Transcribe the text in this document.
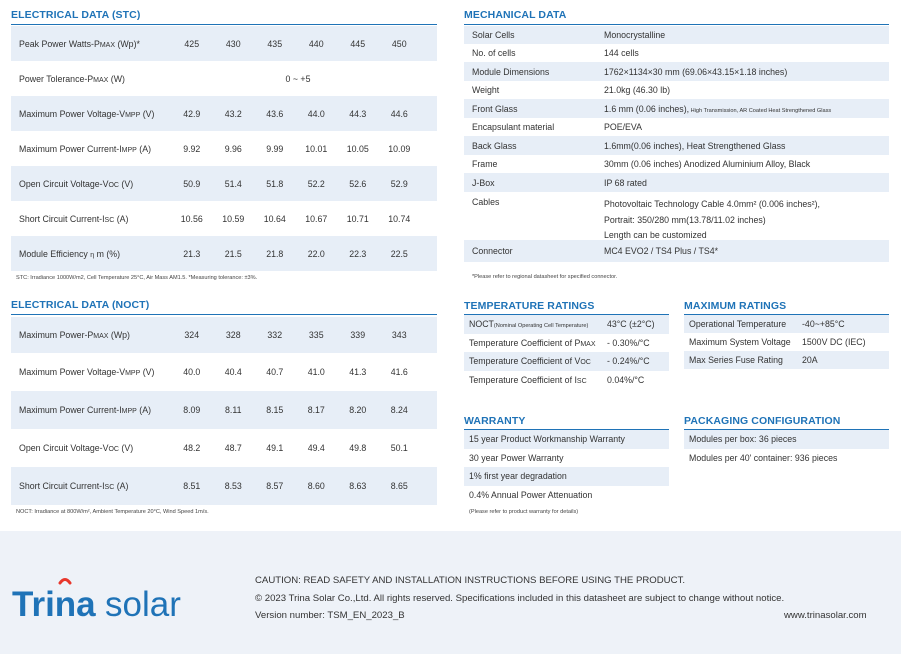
ELECTRICAL DATA (STC)
Peak Power Watts-PMAX (Wp)*	425	430	435	440	445	450
Power Tolerance-PMAX (W)	0 ~ +5
Maximum Power Voltage-VMPP (V)	42.9	43.2	43.6	44.0	44.3	44.6
Maximum Power Current-IMPP (A)	9.92	9.96	9.99	10.01	10.05	10.09
Open Circuit Voltage-VOC (V)	50.9	51.4	51.8	52.2	52.6	52.9
Short Circuit Current-ISC (A)	10.56	10.59	10.64	10.67	10.71	10.74
Module Efficiency η m (%)	21.3	21.5	21.8	22.0	22.3	22.5
STC: Irradiance 1000W/m2, Cell Temperature 25°C, Air Mass AM1.5. *Measuring tolerance: ±3%.
ELECTRICAL DATA (NOCT)
Maximum Power-PMAX (Wp)	324	328	332	335	339	343
Maximum Power Voltage-VMPP (V)	40.0	40.4	40.7	41.0	41.3	41.6
Maximum Power Current-IMPP (A)	8.09	8.11	8.15	8.17	8.20	8.24
Open Circuit Voltage-VOC (V)	48.2	48.7	49.1	49.4	49.8	50.1
Short Circuit Current-ISC (A)	8.51	8.53	8.57	8.60	8.63	8.65
NOCT: Irradiance at 800W/m², Ambient Temperature 20°C, Wind Speed 1m/s.
MECHANICAL DATA
Solar Cells	Monocrystalline
No. of cells	144 cells
Module Dimensions	1762×1134×30 mm (69.06×43.15×1.18 inches)
Weight	21.0kg (46.30 lb)
Front Glass	1.6 mm (0.06 inches), High Transmission, AR Coated Heat Strengthened Glass
Encapsulant material	POE/EVA
Back Glass	1.6mm(0.06 inches), Heat Strengthened Glass
Frame	30mm (0.06 inches) Anodized Aluminium Alloy, Black
J-Box	IP 68 rated
Cables	Photovoltaic Technology Cable 4.0mm² (0.006 inches²),
Portrait: 350/280 mm(13.78/11.02 inches)
Length can be customized
Connector	MC4 EVO2 / TS4 Plus / TS4*
*Please refer to regional datasheet for specified connector.
TEMPERATURE RATINGS
NOCT(Nominal Operating Cell Temperature)	43°C (±2°C)
Temperature Coefficient of PMAX	- 0.30%/°C
Temperature Coefficient of VOC	- 0.24%/°C
Temperature Coefficient of ISC	0.04%/°C
MAXIMUM RATINGS
Operational Temperature	-40~+85°C
Maximum System Voltage	1500V DC (IEC)
Max Series Fuse Rating	20A
WARRANTY
15 year Product Workmanship Warranty
30 year Power Warranty
1% first year degradation
0.4% Annual Power Attenuation
(Please refer to product warranty for details)
PACKAGING CONFIGURATION
Modules per box: 36 pieces
Modules per 40' container: 936 pieces
Trina solar
CAUTION: READ SAFETY AND INSTALLATION INSTRUCTIONS BEFORE USING THE PRODUCT.
© 2023 Trina Solar Co.,Ltd. All rights reserved. Specifications included in this datasheet are subject to change without notice.
Version number: TSM_EN_2023_B	www.trinasolar.com
